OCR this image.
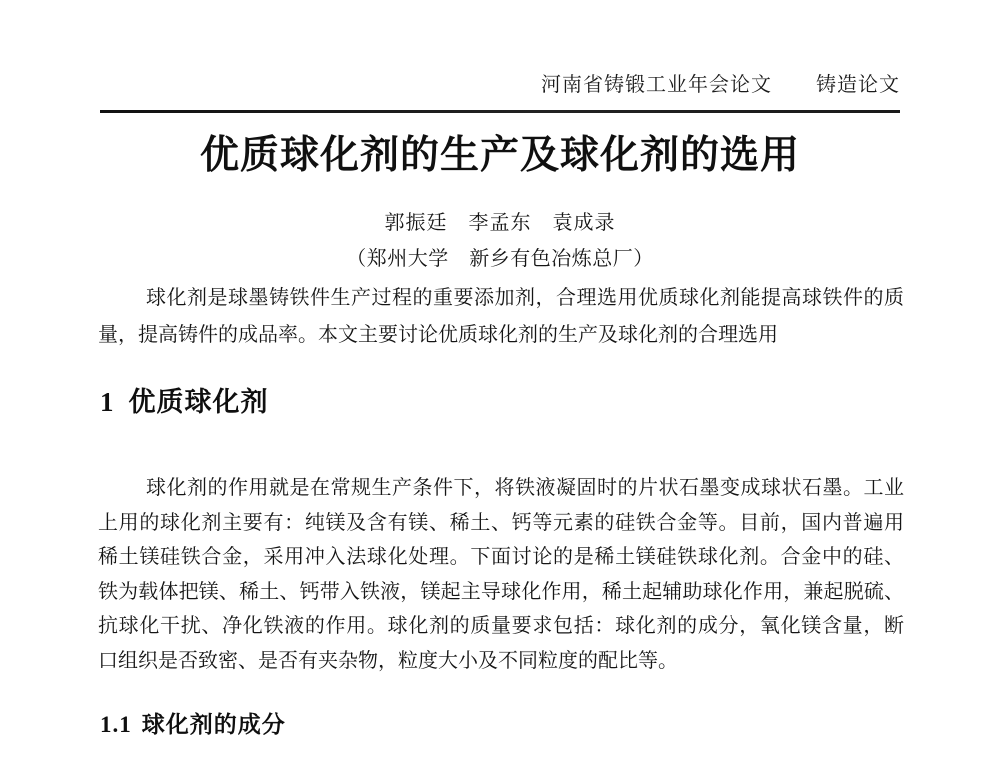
河南省铸锻工业年会论文 铸造论文
优质球化剂的生产及球化剂的选用
郭振廷　李孟东　袁成录
（郑州大学　新乡有色冶炼总厂）
球化剂是球墨铸铁件生产过程的重要添加剂，合理选用优质球化剂能提高球铁件的质
量，提高铸件的成品率。本文主要讨论优质球化剂的生产及球化剂的合理选用
1 优质球化剂
球化剂的作用就是在常规生产条件下，将铁液凝固时的片状石墨变成球状石墨。工业
上用的球化剂主要有：纯镁及含有镁、稀土、钙等元素的硅铁合金等。目前，国内普遍用
稀土镁硅铁合金，采用冲入法球化处理。下面讨论的是稀土镁硅铁球化剂。合金中的硅、
铁为载体把镁、稀土、钙带入铁液，镁起主导球化作用，稀土起辅助球化作用，兼起脱硫、
抗球化干扰、净化铁液的作用。球化剂的质量要求包括：球化剂的成分，氧化镁含量，断
口组织是否致密、是否有夹杂物，粒度大小及不同粒度的配比等。
1.1 球化剂的成分
